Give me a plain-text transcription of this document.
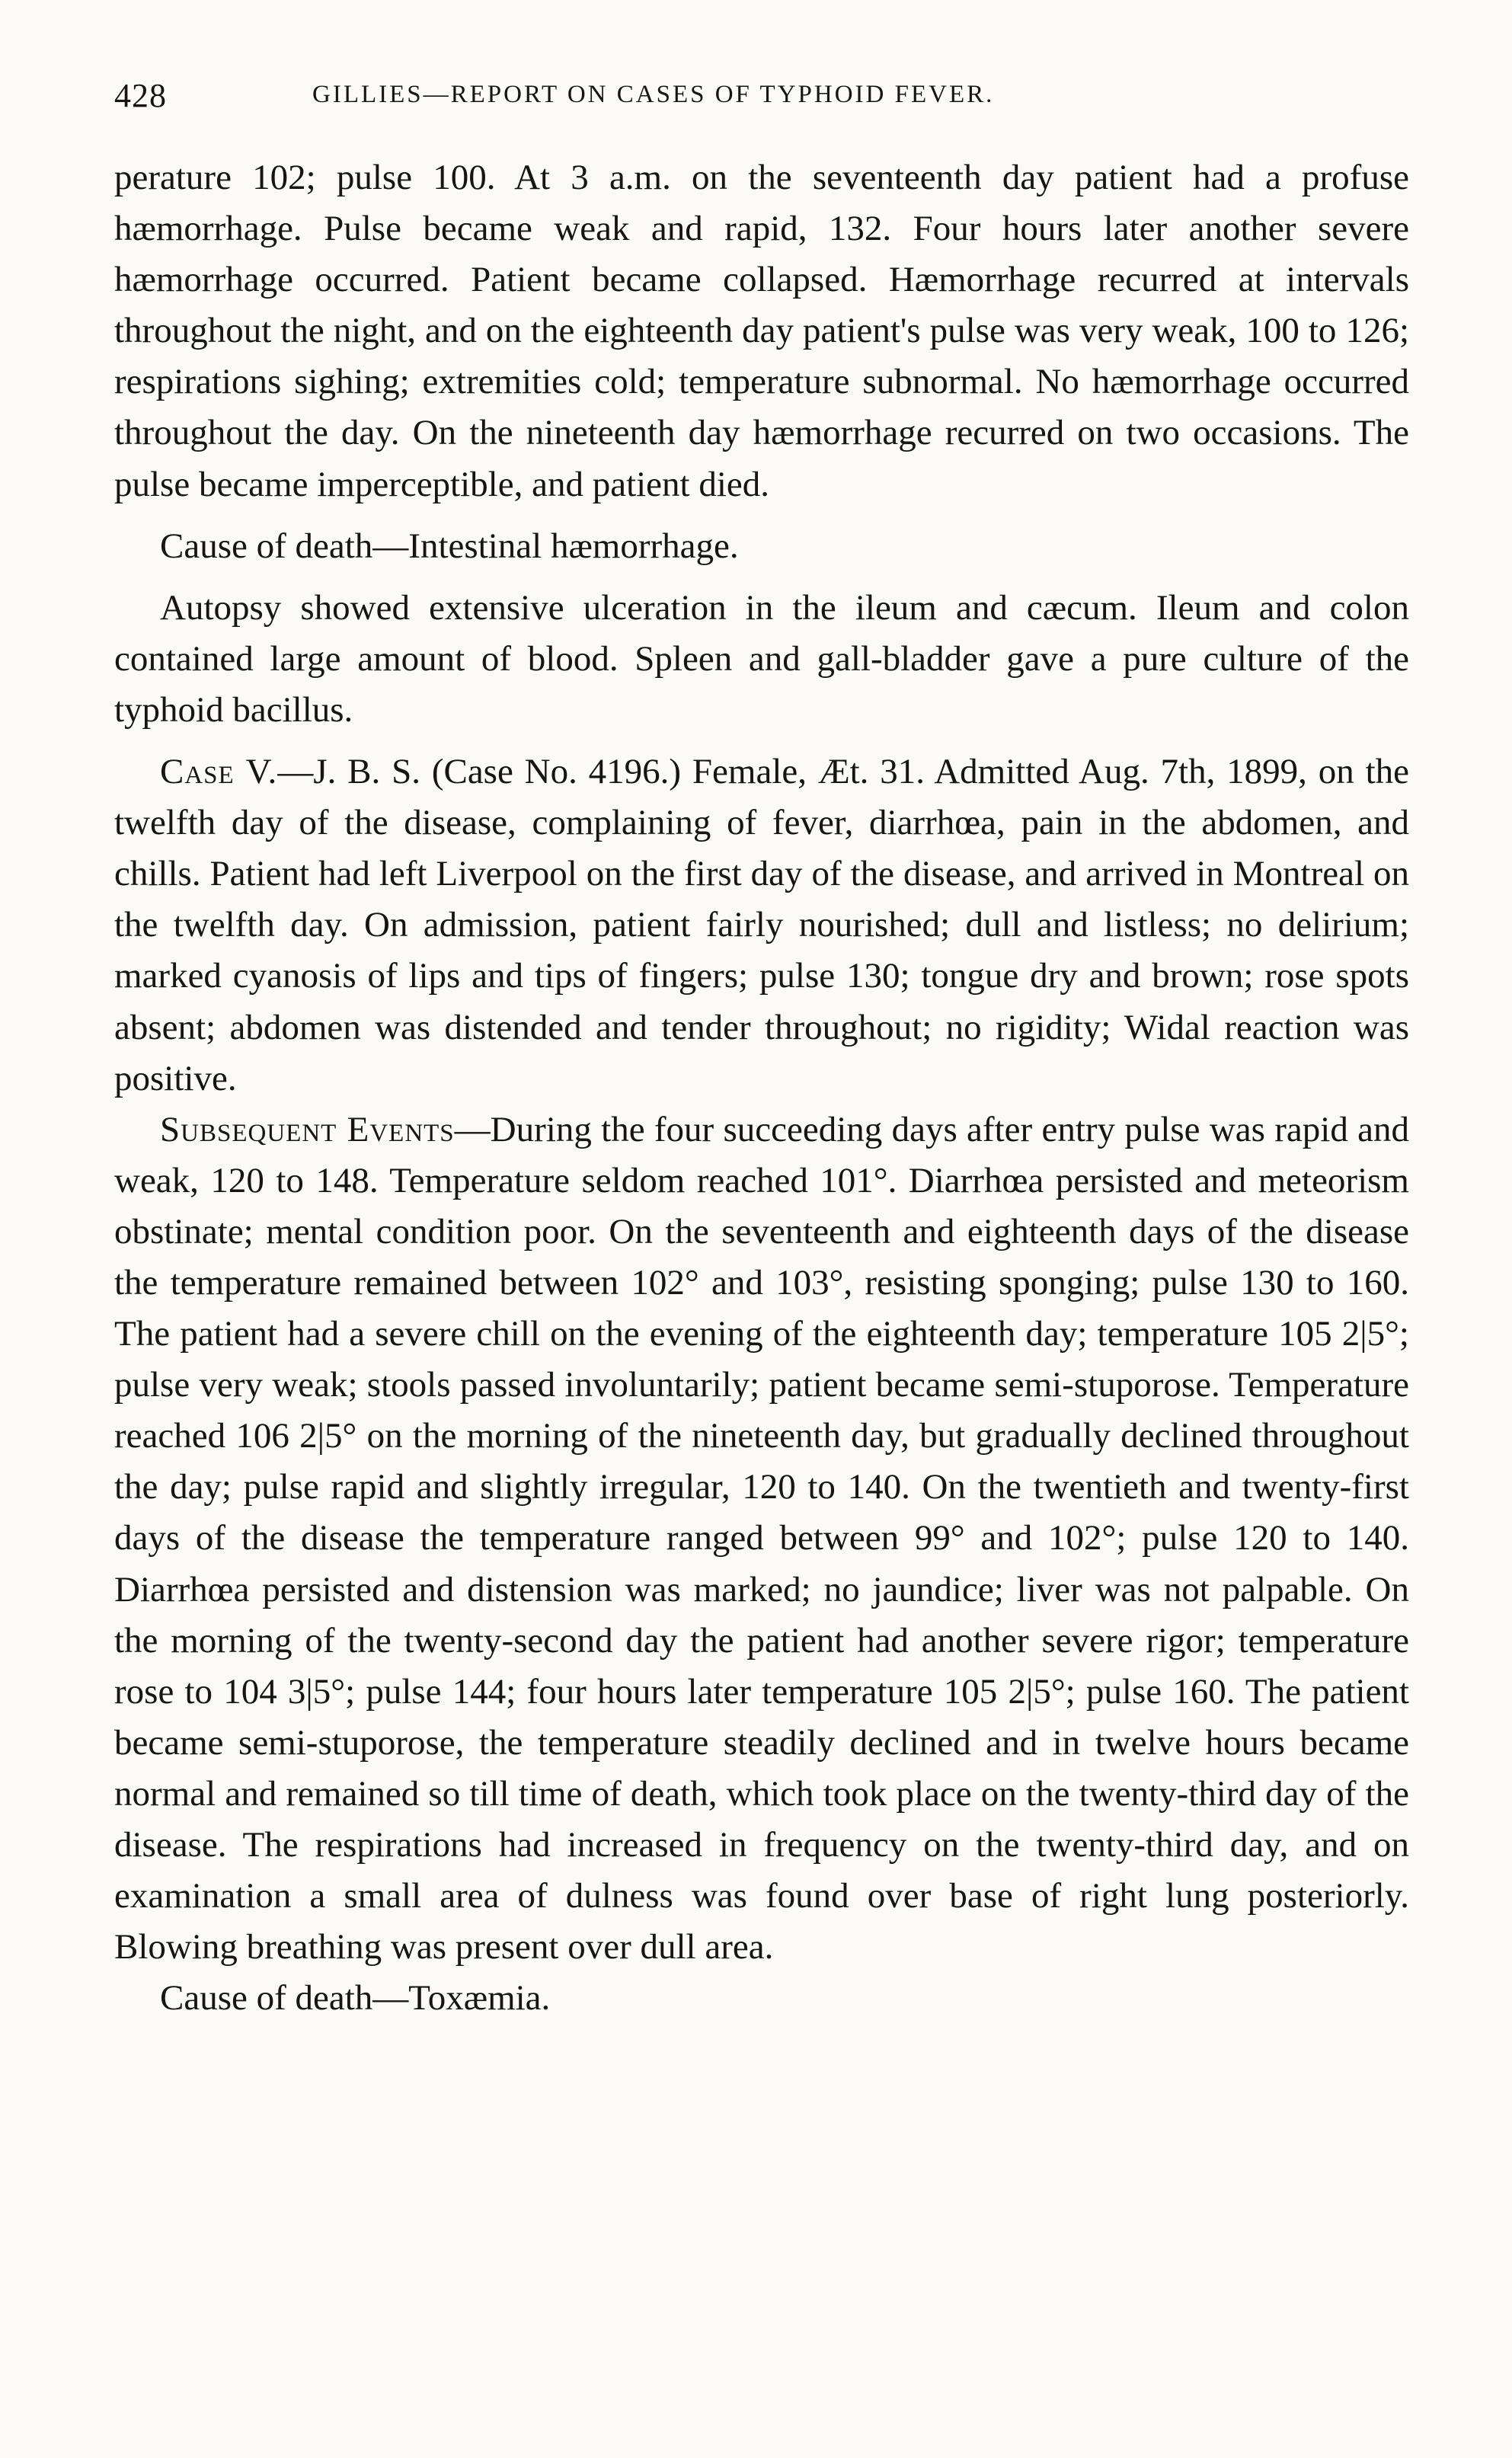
428	GILLIES—REPORT ON CASES OF TYPHOID FEVER.

perature 102; pulse 100. At 3 a.m. on the seventeenth day patient had a profuse hæmorrhage. Pulse became weak and rapid, 132. Four hours later another severe hæmorrhage occurred. Patient became collapsed. Hæmorrhage recurred at intervals throughout the night, and on the eighteenth day patient's pulse was very weak, 100 to 126; respirations sighing; extremities cold; temperature subnormal. No hæmorrhage occurred throughout the day. On the nineteenth day hæmorrhage recurred on two occasions. The pulse became imperceptible, and patient died.

Cause of death—Intestinal hæmorrhage.

Autopsy showed extensive ulceration in the ileum and cæcum. Ileum and colon contained large amount of blood. Spleen and gall-bladder gave a pure culture of the typhoid bacillus.

Case V.—J. B. S. (Case No. 4196.) Female, Æt. 31. Admitted Aug. 7th, 1899, on the twelfth day of the disease, complaining of fever, diarrhœa, pain in the abdomen, and chills. Patient had left Liverpool on the first day of the disease, and arrived in Montreal on the twelfth day. On admission, patient fairly nourished; dull and listless; no delirium; marked cyanosis of lips and tips of fingers; pulse 130; tongue dry and brown; rose spots absent; abdomen was distended and tender throughout; no rigidity; Widal reaction was positive.

Subsequent Events—During the four succeeding days after entry pulse was rapid and weak, 120 to 148. Temperature seldom reached 101°. Diarrhœa persisted and meteorism obstinate; mental condition poor. On the seventeenth and eighteenth days of the disease the temperature remained between 102° and 103°, resisting sponging; pulse 130 to 160. The patient had a severe chill on the evening of the eighteenth day; temperature 105 2|5°; pulse very weak; stools passed involuntarily; patient became semi-stuporose. Temperature reached 106 2|5° on the morning of the nineteenth day, but gradually declined throughout the day; pulse rapid and slightly irregular, 120 to 140. On the twentieth and twenty-first days of the disease the temperature ranged between 99° and 102°; pulse 120 to 140. Diarrhœa persisted and distension was marked; no jaundice; liver was not palpable. On the morning of the twenty-second day the patient had another severe rigor; temperature rose to 104 3|5°; pulse 144; four hours later temperature 105 2|5°; pulse 160. The patient became semi-stuporose, the temperature steadily declined and in twelve hours became normal and remained so till time of death, which took place on the twenty-third day of the disease. The respirations had increased in frequency on the twenty-third day, and on examination a small area of dulness was found over base of right lung posteriorly. Blowing breathing was present over dull area.

Cause of death—Toxæmia.
